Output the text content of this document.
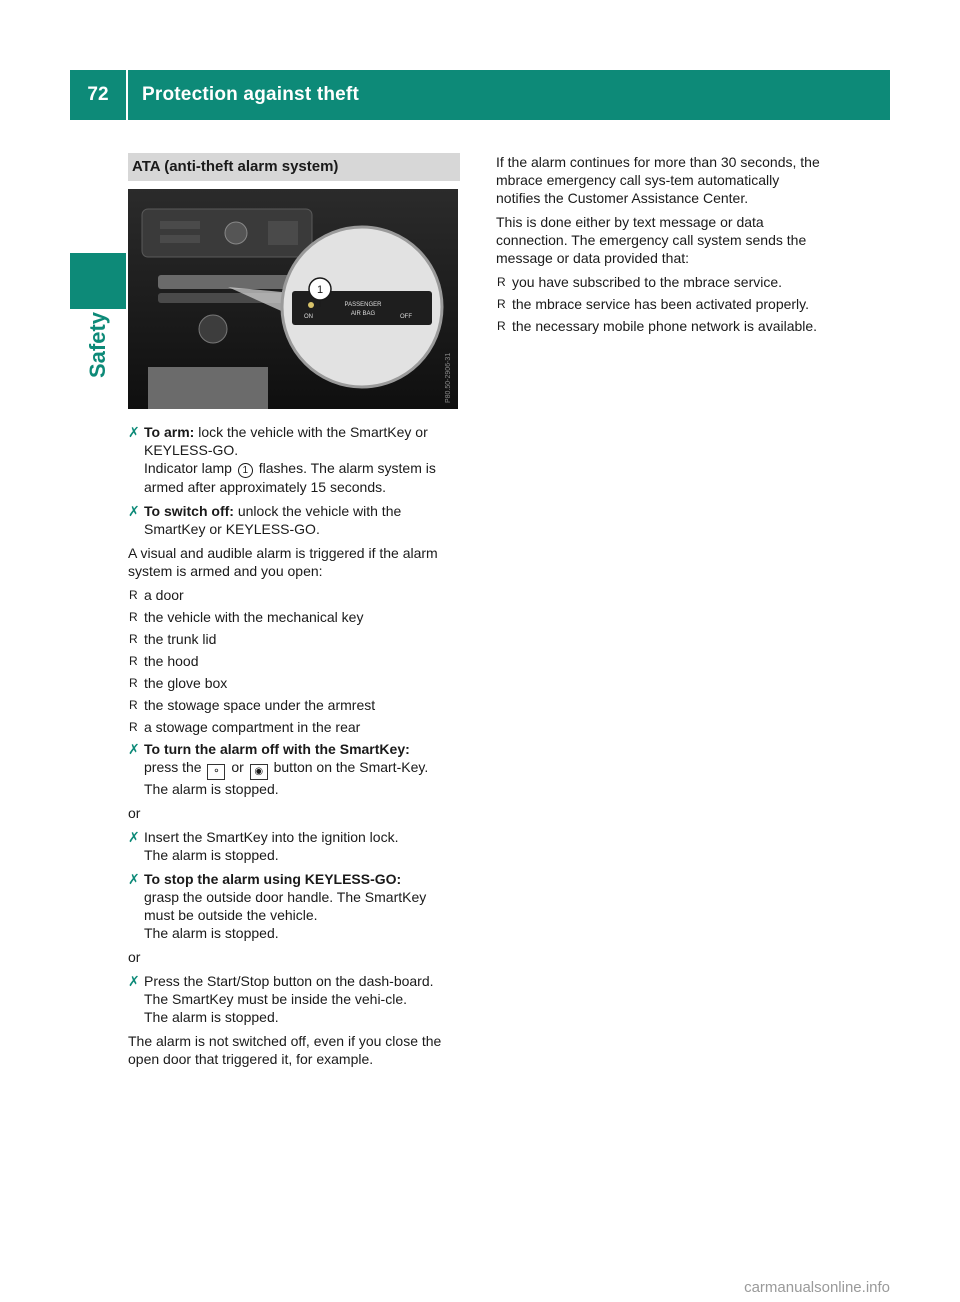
72	Protection against theft
Safety
ATA (anti-theft alarm system)
1
ON
PASSENGER
AIR BAG	OFF
P80.50-2906-31
✗ To arm: lock the vehicle with the SmartKey or KEYLESS-GO.
Indicator lamp 1 flashes. The alarm system is armed after approximately 15 seconds.
✗ To switch off: unlock the vehicle with the SmartKey or KEYLESS-GO.

A visual and audible alarm is triggered if the alarm system is armed and you open:

R a door
R the vehicle with the mechanical key
R the trunk lid
R the hood
R the glove box
R the stowage space under the armrest
R a stowage compartment in the rear
✗ To turn the alarm off with the SmartKey:
press the ⚬ or ◉ button on the Smart-Key.
The alarm is stopped.

or

✗ Insert the SmartKey into the ignition lock.
The alarm is stopped.
✗ To stop the alarm using KEYLESS-GO:
grasp the outside door handle. The SmartKey must be outside the vehicle.
The alarm is stopped.

or

✗ Press the Start/Stop button on the dash-board. The SmartKey must be inside the vehi-cle.
The alarm is stopped.

The alarm is not switched off, even if you close the open door that triggered it, for example.

If the alarm continues for more than 30 seconds, the mbrace emergency call sys-tem automatically notifies the Customer Assistance Center.

This is done either by text message or data connection. The emergency call system sends the message or data provided that:

R you have subscribed to the mbrace service.
R the mbrace service has been activated properly.
R the necessary mobile phone network is available.
carmanualsonline.info
